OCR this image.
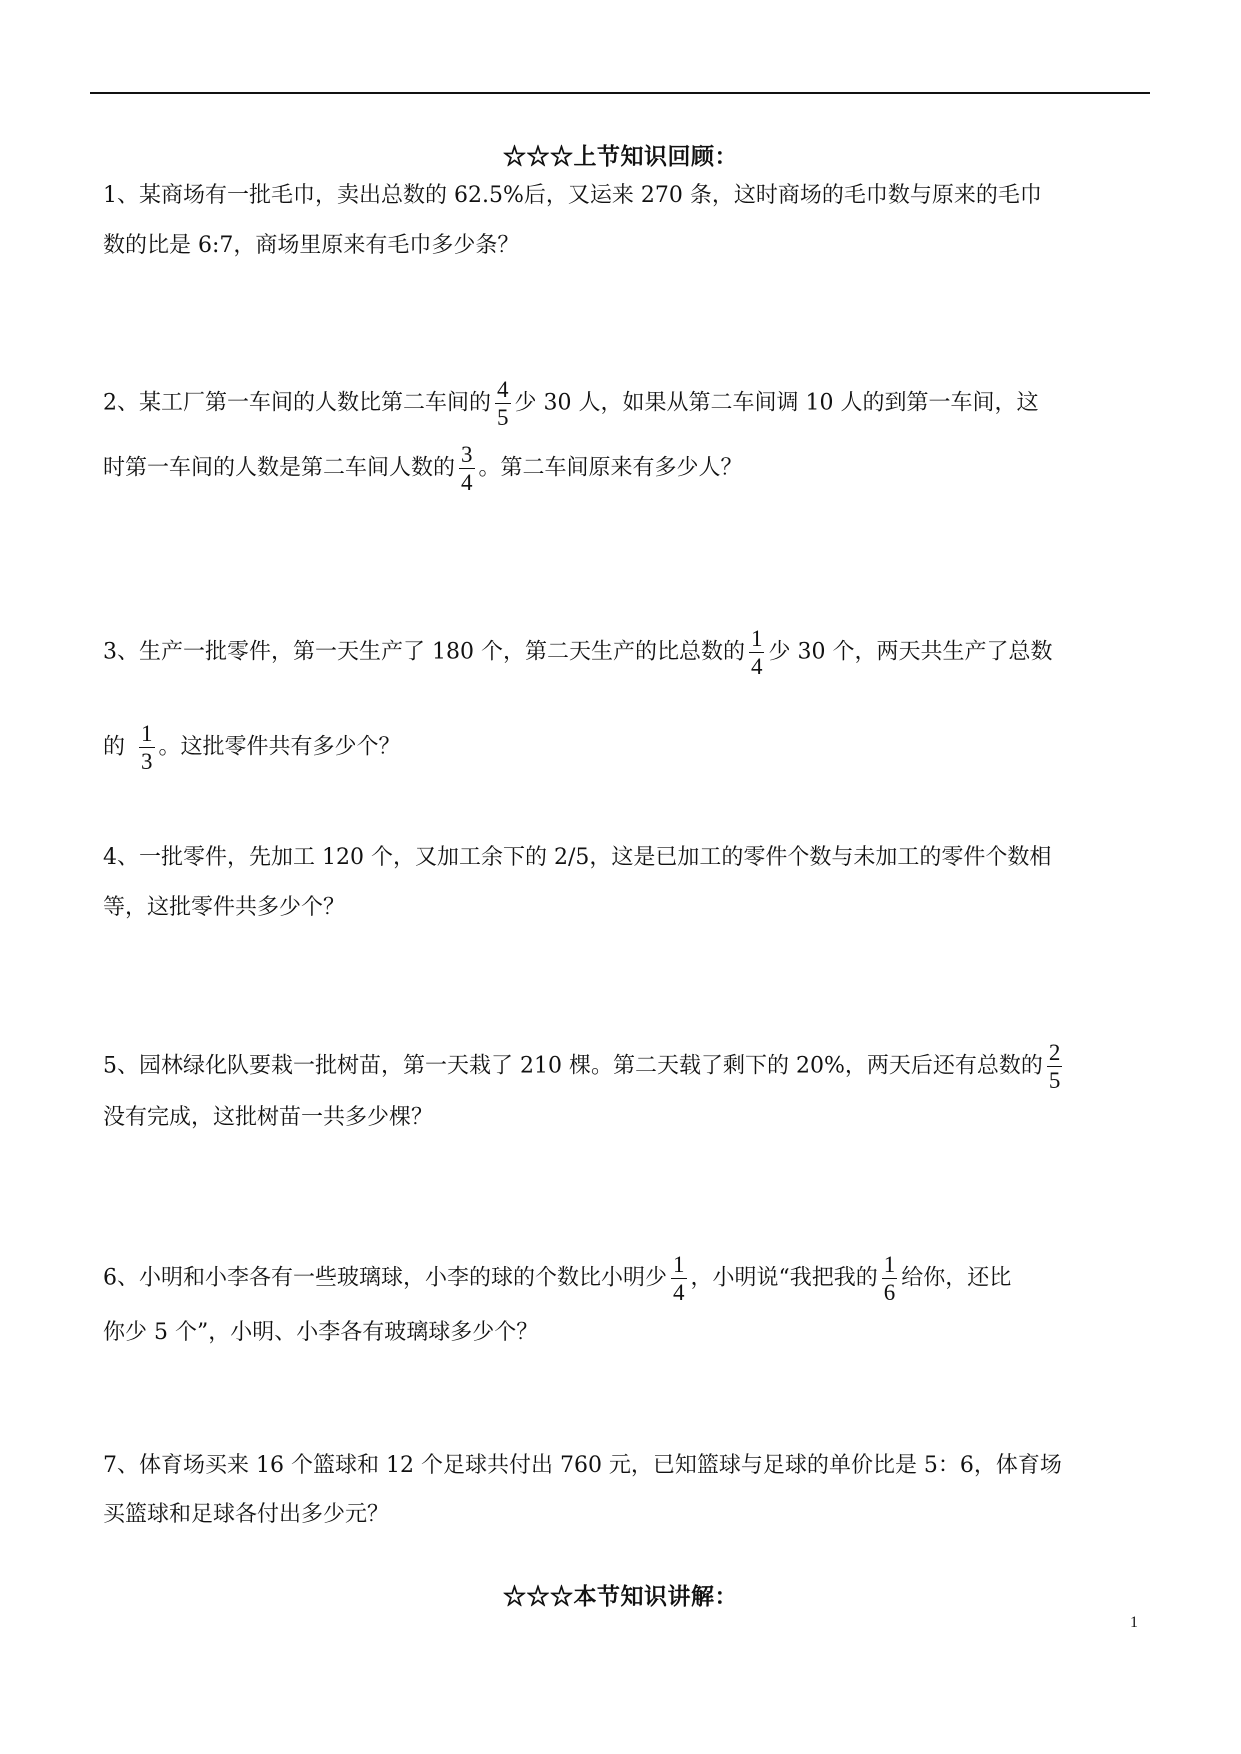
☆☆☆上节知识回顾：
1、某商场有一批毛巾，卖出总数的 62.5%后，又运来 270 条，这时商场的毛巾数与原来的毛巾
数的比是 6:7，商场里原来有毛巾多少条？
2、某工厂第一车间的人数比第二车间的 $\frac{4}{5}$ 少 30 人，如果从第二车间调 10 人的到第一车间，这
时第一车间的人数是第二车间人数的 $\frac{3}{4}$ 。第二车间原来有多少人？
3、生产一批零件，第一天生产了 180 个，第二天生产的比总数的 $\frac{1}{4}$ 少 30 个，两天共生产了总数
的 $\frac{1}{3}$ 。这批零件共有多少个？
4、一批零件，先加工 120 个，又加工余下的 2/5，这是已加工的零件个数与未加工的零件个数相
等，这批零件共多少个？
5、园林绿化队要栽一批树苗，第一天栽了 210 棵。第二天载了剩下的 20%，两天后还有总数的 $\frac{2}{5}$
没有完成，这批树苗一共多少棵？
6、小明和小李各有一些玻璃球，小李的球的个数比小明少 $\frac{1}{4}$ ，小明说“我把我的 $\frac{1}{6}$ 给你，还比
你少 5 个”，小明、小李各有玻璃球多少个？
7、体育场买来 16 个篮球和 12 个足球共付出 760 元，已知篮球与足球的单价比是 5：6，体育场
买篮球和足球各付出多少元？
☆☆☆本节知识讲解：
1
